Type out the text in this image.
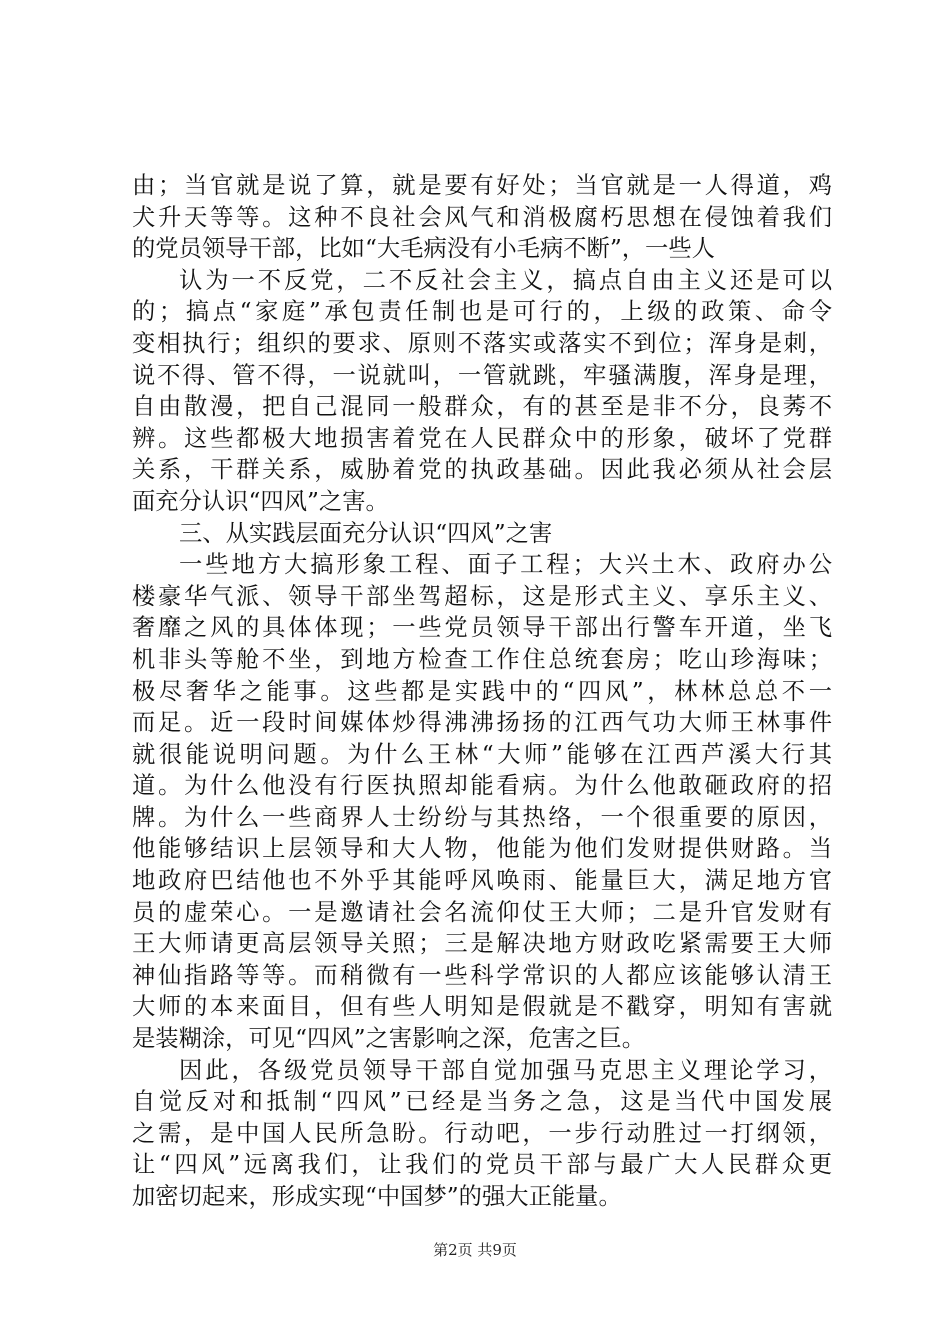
由；当官就是说了算，就是要有好处；当官就是一人得道，鸡
犬升天等等。这种不良社会风气和消极腐朽思想在侵蚀着我们
的党员领导干部，比如“大毛病没有小毛病不断”，一些人
认为一不反党，二不反社会主义，搞点自由主义还是可以
的；搞点“家庭”承包责任制也是可行的，上级的政策、命令
变相执行；组织的要求、原则不落实或落实不到位；浑身是刺，
说不得、管不得，一说就叫，一管就跳，牢骚满腹，浑身是理，
自由散漫，把自己混同一般群众，有的甚至是非不分，良莠不
辨。这些都极大地损害着党在人民群众中的形象，破坏了党群
关系，干群关系，威胁着党的执政基础。因此我必须从社会层
面充分认识“四风”之害。
三、从实践层面充分认识“四风”之害
一些地方大搞形象工程、面子工程；大兴土木、政府办公
楼豪华气派、领导干部坐驾超标，这是形式主义、享乐主义、
奢靡之风的具体体现；一些党员领导干部出行警车开道，坐飞
机非头等舱不坐，到地方检查工作住总统套房；吃山珍海味；
极尽奢华之能事。这些都是实践中的“四风”，林林总总不一
而足。近一段时间媒体炒得沸沸扬扬的江西气功大师王林事件
就很能说明问题。为什么王林“大师”能够在江西芦溪大行其
道。为什么他没有行医执照却能看病。为什么他敢砸政府的招
牌。为什么一些商界人士纷纷与其热络，一个很重要的原因，
他能够结识上层领导和大人物，他能为他们发财提供财路。当
地政府巴结他也不外乎其能呼风唤雨、能量巨大，满足地方官
员的虚荣心。一是邀请社会名流仰仗王大师；二是升官发财有
王大师请更高层领导关照；三是解决地方财政吃紧需要王大师
神仙指路等等。而稍微有一些科学常识的人都应该能够认清王
大师的本来面目，但有些人明知是假就是不戳穿，明知有害就
是装糊涂，可见“四风”之害影响之深，危害之巨。
因此，各级党员领导干部自觉加强马克思主义理论学习，
自觉反对和抵制“四风”已经是当务之急，这是当代中国发展
之需，是中国人民所急盼。行动吧，一步行动胜过一打纲领，
让“四风”远离我们，让我们的党员干部与最广大人民群众更
加密切起来，形成实现“中国梦”的强大正能量。
第2页 共9页
